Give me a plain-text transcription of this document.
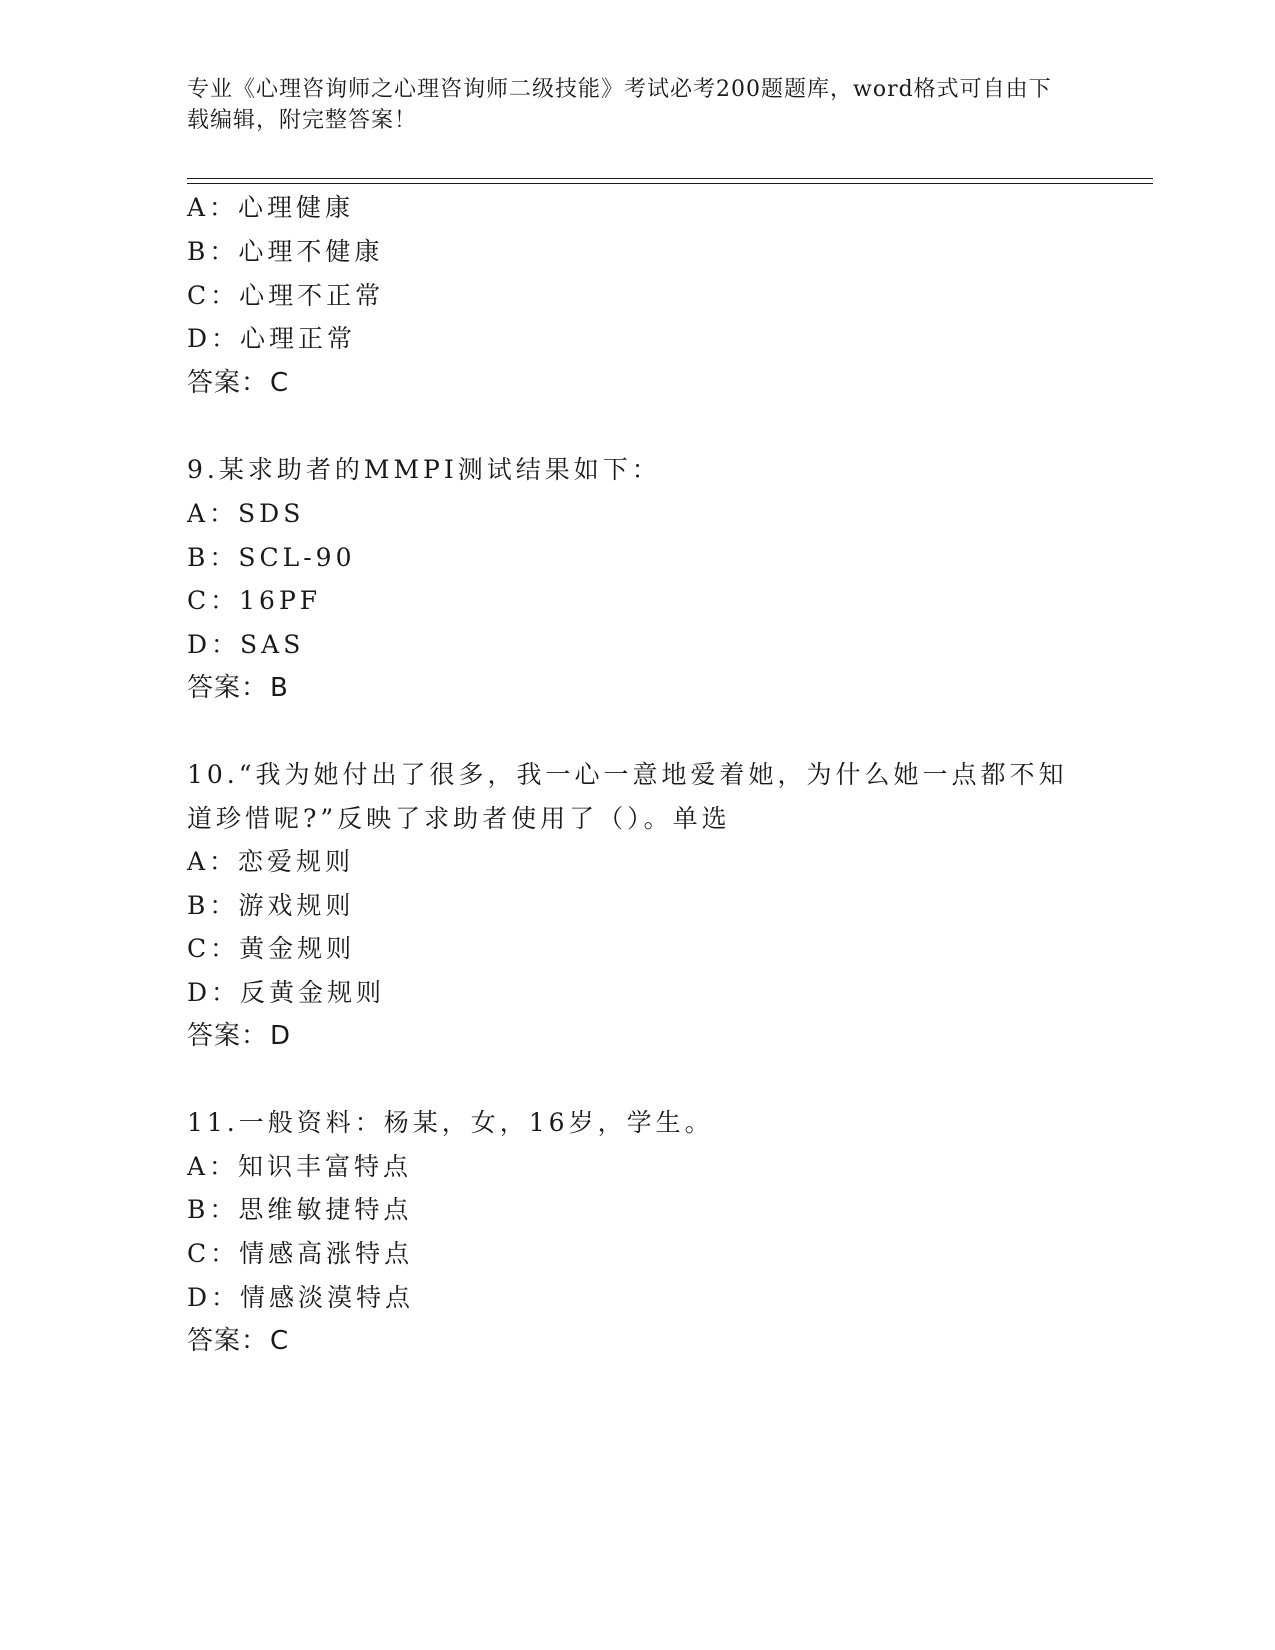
专业《心理咨询师之心理咨询师二级技能》考试必考200题题库，word格式可自由下载编辑，附完整答案！
A：心理健康
B：心理不健康
C：心理不正常
D：心理正常
答案：C
9.某求助者的MMPI测试结果如下：
A：SDS
B：SCL-90
C：16PF
D：SAS
答案：B
10.“我为她付出了很多，我一心一意地爱着她，为什么她一点都不知
道珍惜呢?”反映了求助者使用了（）。单选
A：恋爱规则
B：游戏规则
C：黄金规则
D：反黄金规则
答案：D
11.一般资料：杨某，女，16岁，学生。
A：知识丰富特点
B：思维敏捷特点
C：情感高涨特点
D：情感淡漠特点
答案：C
